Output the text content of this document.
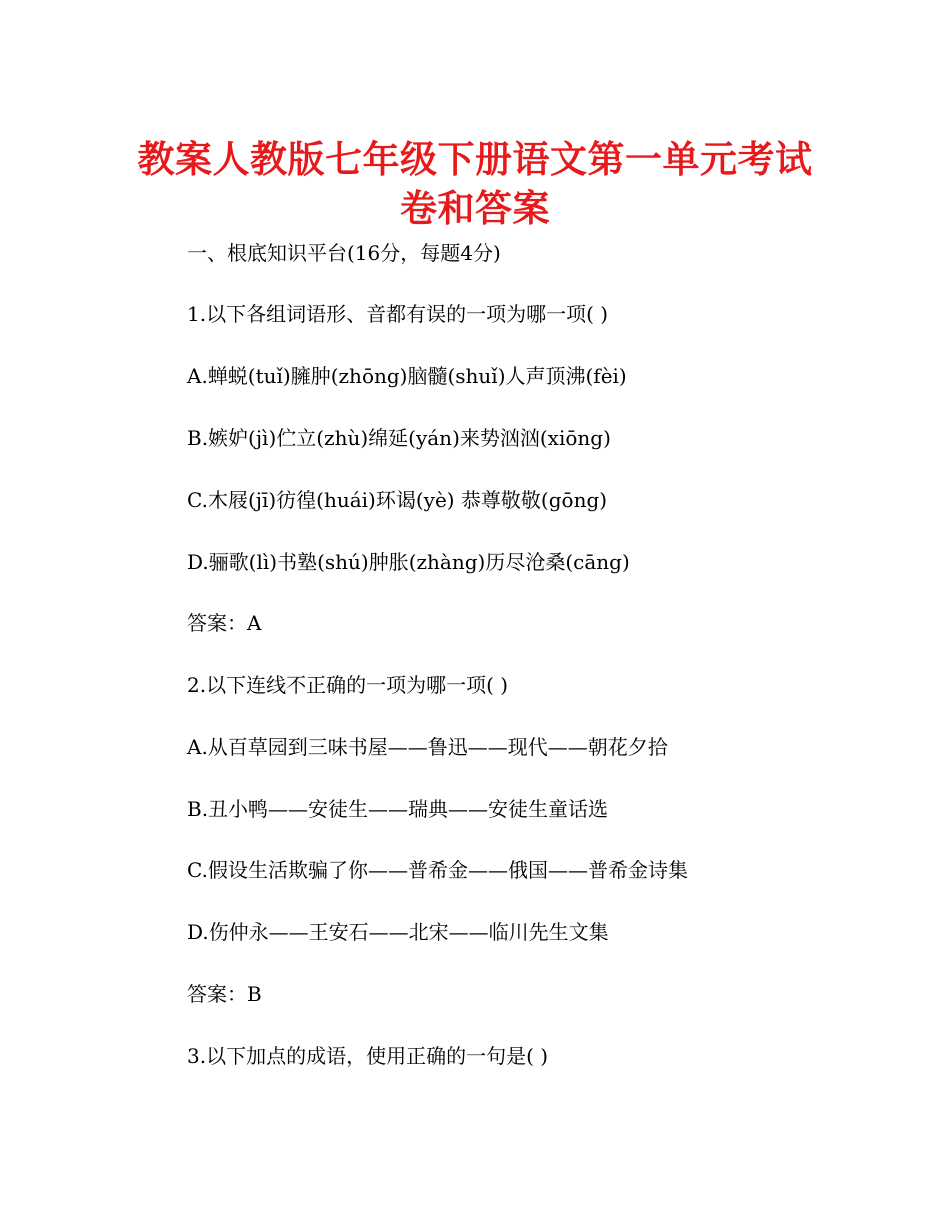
教案人教版七年级下册语文第一单元考试
卷和答案
一、根底知识平台(16分，每题4分)
1.以下各组词语形、音都有误的一项为哪一项( )
A.蝉蜕(tuǐ)臃肿(zhōng)脑髓(shuǐ)人声顶沸(fèi)
B.嫉妒(jì)伫立(zhù)绵延(yán)来势汹汹(xiōng)
C.木屐(jī)彷徨(huái)环谒(yè) 恭尊敬敬(gōng)
D.骊歌(lì)书塾(shú)肿胀(zhàng)历尽沧桑(cāng)
答案：A
2.以下连线不正确的一项为哪一项( )
A.从百草园到三味书屋——鲁迅——现代——朝花夕拾
B.丑小鸭——安徒生——瑞典——安徒生童话选
C.假设生活欺骗了你——普希金——俄国——普希金诗集
D.伤仲永——王安石——北宋——临川先生文集
答案：B
3.以下加点的成语，使用正确的一句是( )
